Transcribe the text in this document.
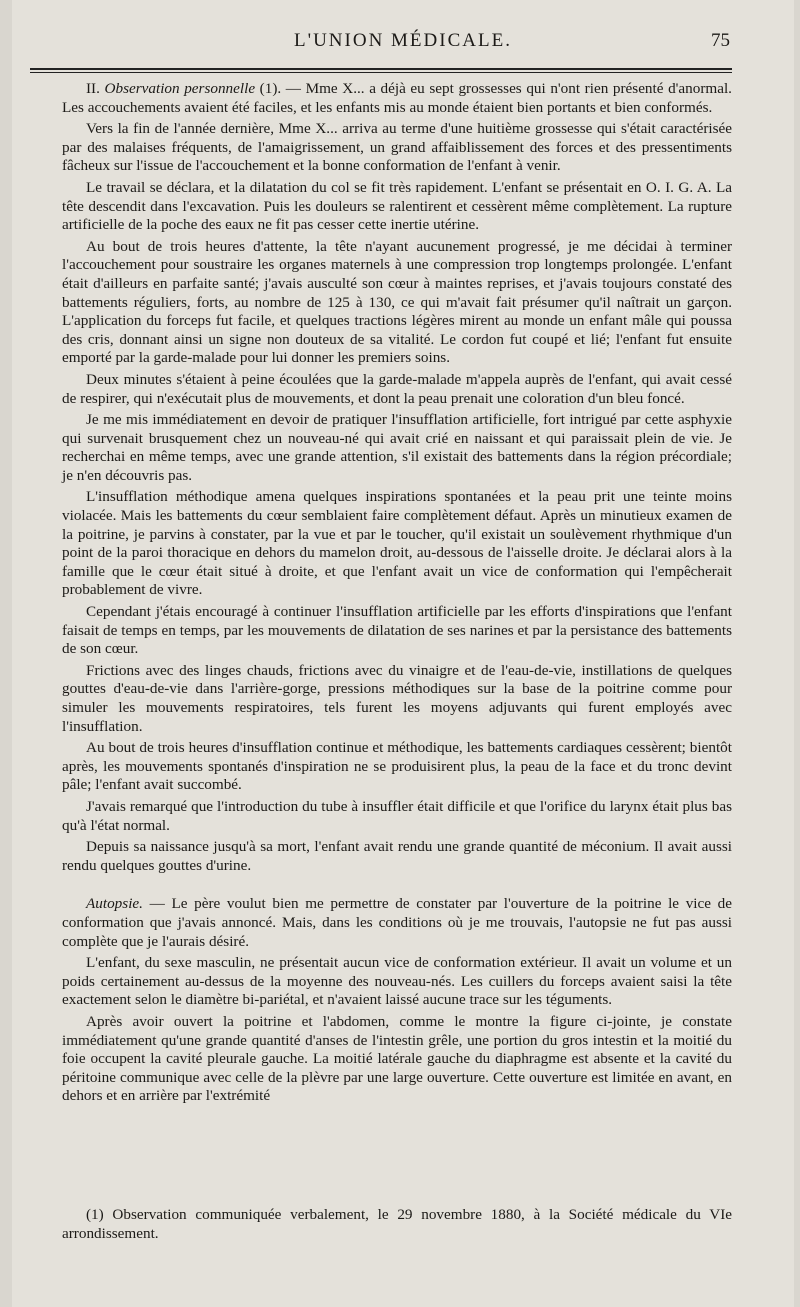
L'UNION MÉDICALE.	75

II. Observation personnelle (1). — Mme X... a déjà eu sept grossesses qui n'ont rien présenté d'anormal. Les accouchements avaient été faciles, et les enfants mis au monde étaient bien portants et bien conformés.

Vers la fin de l'année dernière, Mme X... arriva au terme d'une huitième grossesse qui s'était caractérisée par des malaises fréquents, de l'amaigrissement, un grand affaiblissement des forces et des pressentiments fâcheux sur l'issue de l'accouchement et la bonne conformation de l'enfant à venir.

Le travail se déclara, et la dilatation du col se fit très rapidement. L'enfant se présentait en O. I. G. A. La tête descendit dans l'excavation. Puis les douleurs se ralentirent et cessèrent même complètement. La rupture artificielle de la poche des eaux ne fit pas cesser cette inertie utérine.

Au bout de trois heures d'attente, la tête n'ayant aucunement progressé, je me décidai à terminer l'accouchement pour soustraire les organes maternels à une compression trop longtemps prolongée. L'enfant était d'ailleurs en parfaite santé; j'avais ausculté son cœur à maintes reprises, et j'avais toujours constaté des battements réguliers, forts, au nombre de 125 à 130, ce qui m'avait fait présumer qu'il naîtrait un garçon. L'application du forceps fut facile, et quelques tractions légères mirent au monde un enfant mâle qui poussa des cris, donnant ainsi un signe non douteux de sa vitalité. Le cordon fut coupé et lié; l'enfant fut ensuite emporté par la garde-malade pour lui donner les premiers soins.

Deux minutes s'étaient à peine écoulées que la garde-malade m'appela auprès de l'enfant, qui avait cessé de respirer, qui n'exécutait plus de mouvements, et dont la peau prenait une coloration d'un bleu foncé.

Je me mis immédiatement en devoir de pratiquer l'insufflation artificielle, fort intrigué par cette asphyxie qui survenait brusquement chez un nouveau-né qui avait crié en naissant et qui paraissait plein de vie. Je recherchai en même temps, avec une grande attention, s'il existait des battements dans la région précordiale; je n'en découvris pas.

L'insufflation méthodique amena quelques inspirations spontanées et la peau prit une teinte moins violacée. Mais les battements du cœur semblaient faire complètement défaut. Après un minutieux examen de la poitrine, je parvins à constater, par la vue et par le toucher, qu'il existait un soulèvement rhythmique d'un point de la paroi thoracique en dehors du mamelon droit, au-dessous de l'aisselle droite. Je déclarai alors à la famille que le cœur était situé à droite, et que l'enfant avait un vice de conformation qui l'empêcherait probablement de vivre.

Cependant j'étais encouragé à continuer l'insufflation artificielle par les efforts d'inspirations que l'enfant faisait de temps en temps, par les mouvements de dilatation de ses narines et par la persistance des battements de son cœur.

Frictions avec des linges chauds, frictions avec du vinaigre et de l'eau-de-vie, instillations de quelques gouttes d'eau-de-vie dans l'arrière-gorge, pressions méthodiques sur la base de la poitrine comme pour simuler les mouvements respiratoires, tels furent les moyens adjuvants qui furent employés avec l'insufflation.

Au bout de trois heures d'insufflation continue et méthodique, les battements cardiaques cessèrent; bientôt après, les mouvements spontanés d'inspiration ne se produisirent plus, la peau de la face et du tronc devint pâle; l'enfant avait succombé.

J'avais remarqué que l'introduction du tube à insuffler était difficile et que l'orifice du larynx était plus bas qu'à l'état normal.

Depuis sa naissance jusqu'à sa mort, l'enfant avait rendu une grande quantité de méconium. Il avait aussi rendu quelques gouttes d'urine.

Autopsie. — Le père voulut bien me permettre de constater par l'ouverture de la poitrine le vice de conformation que j'avais annoncé. Mais, dans les conditions où je me trouvais, l'autopsie ne fut pas aussi complète que je l'aurais désiré.

L'enfant, du sexe masculin, ne présentait aucun vice de conformation extérieur. Il avait un volume et un poids certainement au-dessus de la moyenne des nouveau-nés. Les cuillers du forceps avaient saisi la tête exactement selon le diamètre bi-pariétal, et n'avaient laissé aucune trace sur les téguments.

Après avoir ouvert la poitrine et l'abdomen, comme le montre la figure ci-jointe, je constate immédiatement qu'une grande quantité d'anses de l'intestin grêle, une portion du gros intestin et la moitié du foie occupent la cavité pleurale gauche. La moitié latérale gauche du diaphragme est absente et la cavité du péritoine communique avec celle de la plèvre par une large ouverture. Cette ouverture est limitée en avant, en dehors et en arrière par l'extrémité

(1) Observation communiquée verbalement, le 29 novembre 1880, à la Société médicale du VIe arrondissement.
